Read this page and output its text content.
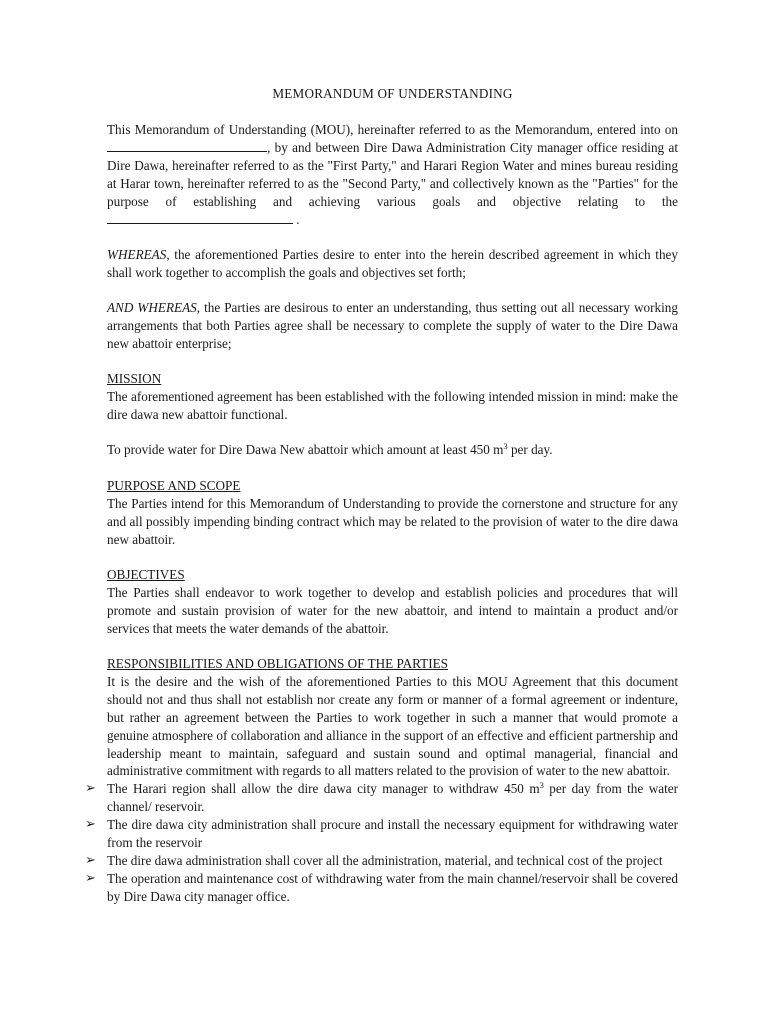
MEMORANDUM OF UNDERSTANDING

This Memorandum of Understanding (MOU), hereinafter referred to as the Memorandum, entered into on , by and between Dire Dawa Administration City manager office residing at Dire Dawa, hereinafter referred to as the "First Party," and Harari Region Water and mines bureau residing at Harar town, hereinafter referred to as the "Second Party," and collectively known as the "Parties" for the purpose of establishing and achieving various goals and objective relating to the  .

WHEREAS, the aforementioned Parties desire to enter into the herein described agreement in which they shall work together to accomplish the goals and objectives set forth;

AND WHEREAS, the Parties are desirous to enter an understanding, thus setting out all necessary working arrangements that both Parties agree shall be necessary to complete the supply of water to the Dire Dawa new abattoir enterprise;

MISSION

The aforementioned agreement has been established with the following intended mission in mind: make the dire dawa new abattoir functional.

To provide water for Dire Dawa New abattoir which amount at least 450 $m^3$ per day.

PURPOSE AND SCOPE

The Parties intend for this Memorandum of Understanding to provide the cornerstone and structure for any and all possibly impending binding contract which may be related to the provision of water to the dire dawa new abattoir.

OBJECTIVES

The Parties shall endeavor to work together to develop and establish policies and procedures that will promote and sustain provision of water for the new abattoir, and intend to maintain a product and/or services that meets the water demands of the abattoir.

RESPONSIBILITIES AND OBLIGATIONS OF THE PARTIES

It is the desire and the wish of the aforementioned Parties to this MOU Agreement that this document should not and thus shall not establish nor create any form or manner of a formal agreement or indenture, but rather an agreement between the Parties to work together in such a manner that would promote a genuine atmosphere of collaboration and alliance in the support of an effective and efficient partnership and leadership meant to maintain, safeguard and sustain sound and optimal managerial, financial and administrative commitment with regards to all matters related to the provision of water to the new abattoir.

➢ The Harari region shall allow the dire dawa city manager to withdraw 450 $m^3$ per day from the water channel/ reservoir.
➢ The dire dawa city administration shall procure and install the necessary equipment for withdrawing water from the reservoir
➢ The dire dawa administration shall cover all the administration, material, and technical cost of the project
➢ The operation and maintenance cost of withdrawing water from the main channel/reservoir shall be covered by Dire Dawa city manager office.
